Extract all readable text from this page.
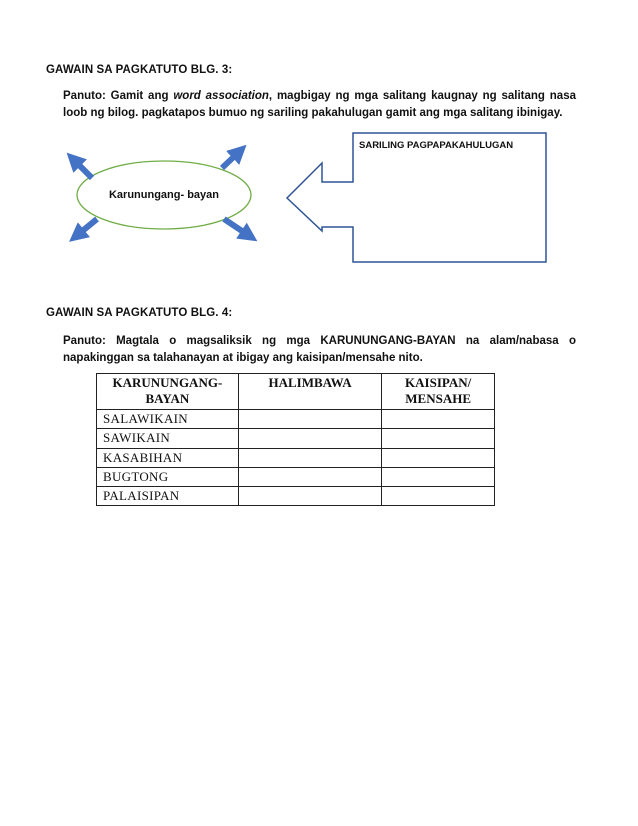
GAWAIN SA PAGKATUTO BLG. 3:
Panuto: Gamit ang word association, magbigay ng mga salitang kaugnay ng salitang nasa loob ng bilog. pagkatapos bumuo ng sariling pakahulugan gamit ang mga salitang ibinigay.
Karunungang- bayan
SARILING PAGPAPAKAHULUGAN
GAWAIN SA PAGKATUTO BLG. 4:
Panuto: Magtala o magsaliksik ng mga KARUNUNGANG-BAYAN na alam/nabasa o napakinggan sa talahanayan at ibigay ang kaisipan/mensahe nito.
KARUNUNGANG-BAYAN	HALIMBAWA	KAISIPAN/ MENSAHE
SALAWIKAIN		
SAWIKAIN		
KASABIHAN		
BUGTONG		
PALAISIPAN		
